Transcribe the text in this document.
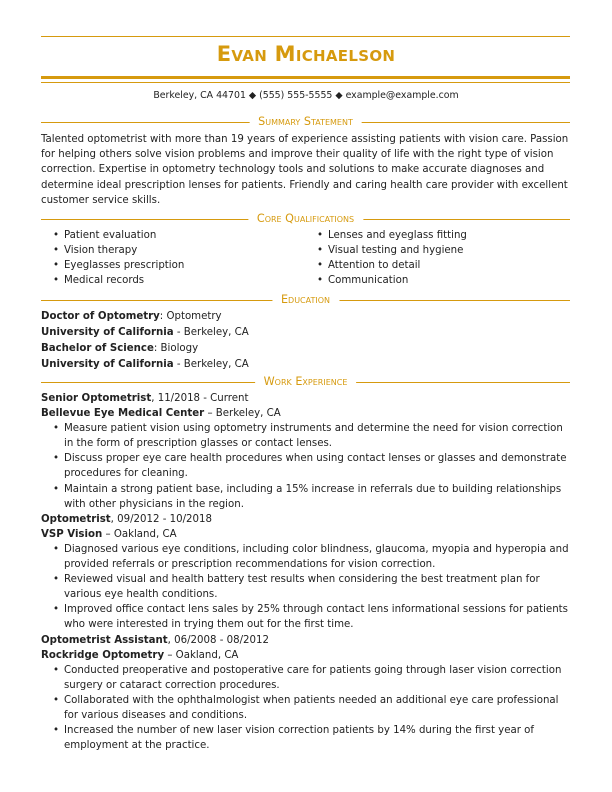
Evan Michaelson
Berkeley, CA 44701 ◆ (555) 555-5555 ◆ example@example.com
Summary Statement
Talented optometrist with more than 19 years of experience assisting patients with vision care. Passion for helping others solve vision problems and improve their quality of life with the right type of vision correction. Expertise in optometry technology tools and solutions to make accurate diagnoses and determine ideal prescription lenses for patients. Friendly and caring health care provider with excellent customer service skills.
Core Qualifications
• Patient evaluation
• Vision therapy
• Eyeglasses prescription
• Medical records
• Lenses and eyeglass fitting
• Visual testing and hygiene
• Attention to detail
• Communication
Education
Doctor of Optometry: Optometry
University of California - Berkeley, CA
Bachelor of Science: Biology
University of California - Berkeley, CA
Work Experience
Senior Optometrist, 11/2018 - Current
Bellevue Eye Medical Center – Berkeley, CA
• Measure patient vision using optometry instruments and determine the need for vision correction in the form of prescription glasses or contact lenses.
• Discuss proper eye care health procedures when using contact lenses or glasses and demonstrate procedures for cleaning.
• Maintain a strong patient base, including a 15% increase in referrals due to building relationships with other physicians in the region.
Optometrist, 09/2012 - 10/2018
VSP Vision – Oakland, CA
• Diagnosed various eye conditions, including color blindness, glaucoma, myopia and hyperopia and provided referrals or prescription recommendations for vision correction.
• Reviewed visual and health battery test results when considering the best treatment plan for various eye health conditions.
• Improved office contact lens sales by 25% through contact lens informational sessions for patients who were interested in trying them out for the first time.
Optometrist Assistant, 06/2008 - 08/2012
Rockridge Optometry – Oakland, CA
• Conducted preoperative and postoperative care for patients going through laser vision correction surgery or cataract correction procedures.
• Collaborated with the ophthalmologist when patients needed an additional eye care professional for various diseases and conditions.
• Increased the number of new laser vision correction patients by 14% during the first year of employment at the practice.
